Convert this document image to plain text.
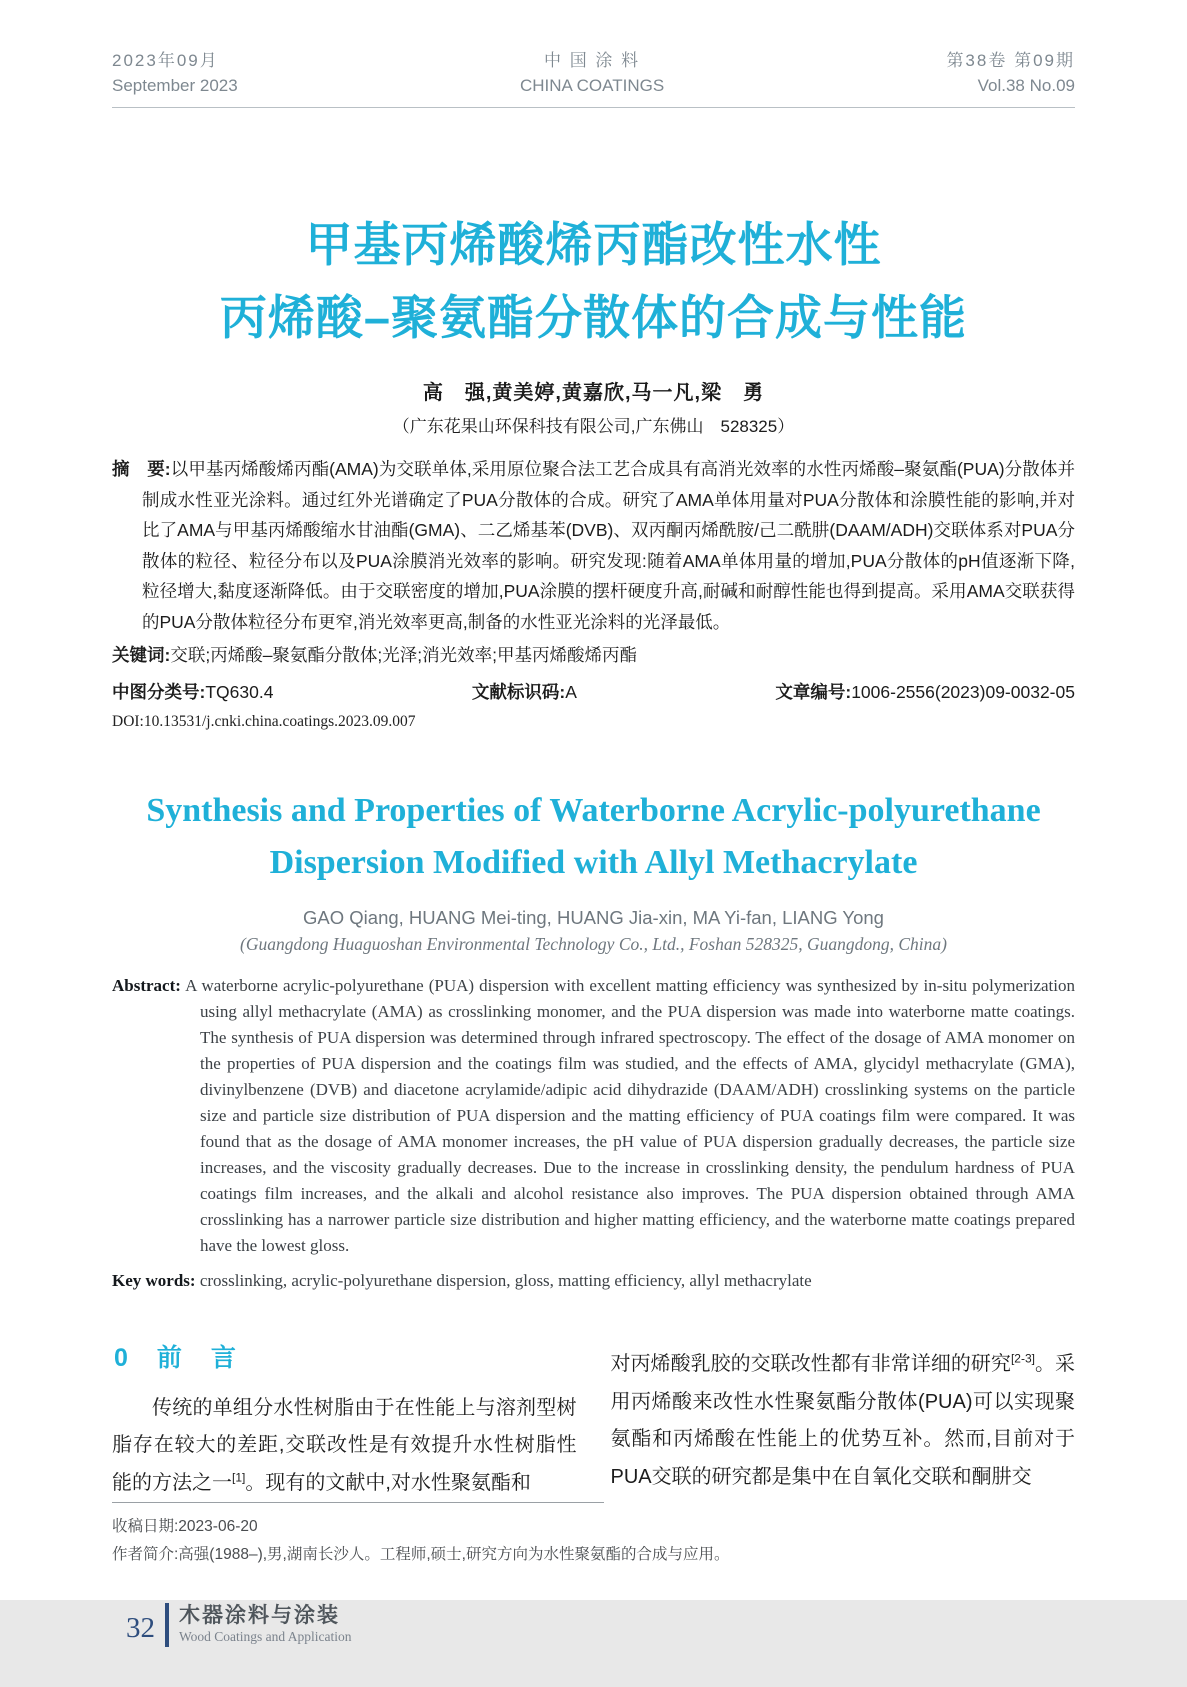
2023年09月
September 2023
中 国 涂 料
CHINA COATINGS
第38卷 第09期
Vol.38 No.09
甲基丙烯酸烯丙酯改性水性
丙烯酸–聚氨酯分散体的合成与性能
高　强,黄美婷,黄嘉欣,马一凡,梁　勇
（广东花果山环保科技有限公司,广东佛山　528325）

摘　要:以甲基丙烯酸烯丙酯(AMA)为交联单体,采用原位聚合法工艺合成具有高消光效率的水性丙烯酸–聚氨酯(PUA)分散体并制成水性亚光涂料。通过红外光谱确定了PUA分散体的合成。研究了AMA单体用量对PUA分散体和涂膜性能的影响,并对比了AMA与甲基丙烯酸缩水甘油酯(GMA)、二乙烯基苯(DVB)、双丙酮丙烯酰胺/己二酰肼(DAAM/ADH)交联体系对PUA分散体的粒径、粒径分布以及PUA涂膜消光效率的影响。研究发现:随着AMA单体用量的增加,PUA分散体的pH值逐渐下降,粒径增大,黏度逐渐降低。由于交联密度的增加,PUA涂膜的摆杆硬度升高,耐碱和耐醇性能也得到提高。采用AMA交联获得的PUA分散体粒径分布更窄,消光效率更高,制备的水性亚光涂料的光泽最低。

关键词:交联;丙烯酸–聚氨酯分散体;光泽;消光效率;甲基丙烯酸烯丙酯

中图分类号:TQ630.4	文献标识码:A	文章编号:1006-2556(2023)09-0032-05
DOI:10.13531/j.cnki.china.coatings.2023.09.007
Synthesis and Properties of Waterborne Acrylic-polyurethane
Dispersion Modified with Allyl Methacrylate
GAO Qiang, HUANG Mei-ting, HUANG Jia-xin, MA Yi-fan, LIANG Yong
(Guangdong Huaguoshan Environmental Technology Co., Ltd., Foshan 528325, Guangdong, China)

Abstract: A waterborne acrylic-polyurethane (PUA) dispersion with excellent matting efficiency was synthesized by in-situ polymerization using allyl methacrylate (AMA) as crosslinking monomer, and the PUA dispersion was made into waterborne matte coatings. The synthesis of PUA dispersion was determined through infrared spectroscopy. The effect of the dosage of AMA monomer on the properties of PUA dispersion and the coatings film was studied, and the effects of AMA, glycidyl methacrylate (GMA), divinylbenzene (DVB) and diacetone acrylamide/adipic acid dihydrazide (DAAM/ADH) crosslinking systems on the particle size and particle size distribution of PUA dispersion and the matting efficiency of PUA coatings film were compared. It was found that as the dosage of AMA monomer increases, the pH value of PUA dispersion gradually decreases, the particle size increases, and the viscosity gradually decreases. Due to the increase in crosslinking density, the pendulum hardness of PUA coatings film increases, and the alkali and alcohol resistance also improves. The PUA dispersion obtained through AMA crosslinking has a narrower particle size distribution and higher matting efficiency, and the waterborne matte coatings prepared have the lowest gloss.

Key words: crosslinking, acrylic-polyurethane dispersion, gloss, matting efficiency, allyl methacrylate

0　前　言

传统的单组分水性树脂由于在性能上与溶剂型树脂存在较大的差距,交联改性是有效提升水性树脂性能的方法之一[1]。现有的文献中,对水性聚氨酯和

对丙烯酸乳胶的交联改性都有非常详细的研究[2-3]。采用丙烯酸来改性水性聚氨酯分散体(PUA)可以实现聚氨酯和丙烯酸在性能上的优势互补。然而,目前对于PUA交联的研究都是集中在自氧化交联和酮肼交

收稿日期:2023-06-20
作者简介:高强(1988–),男,湖南长沙人。工程师,硕士,研究方向为水性聚氨酯的合成与应用。
32	木器涂料与涂装
Wood Coatings and Application
